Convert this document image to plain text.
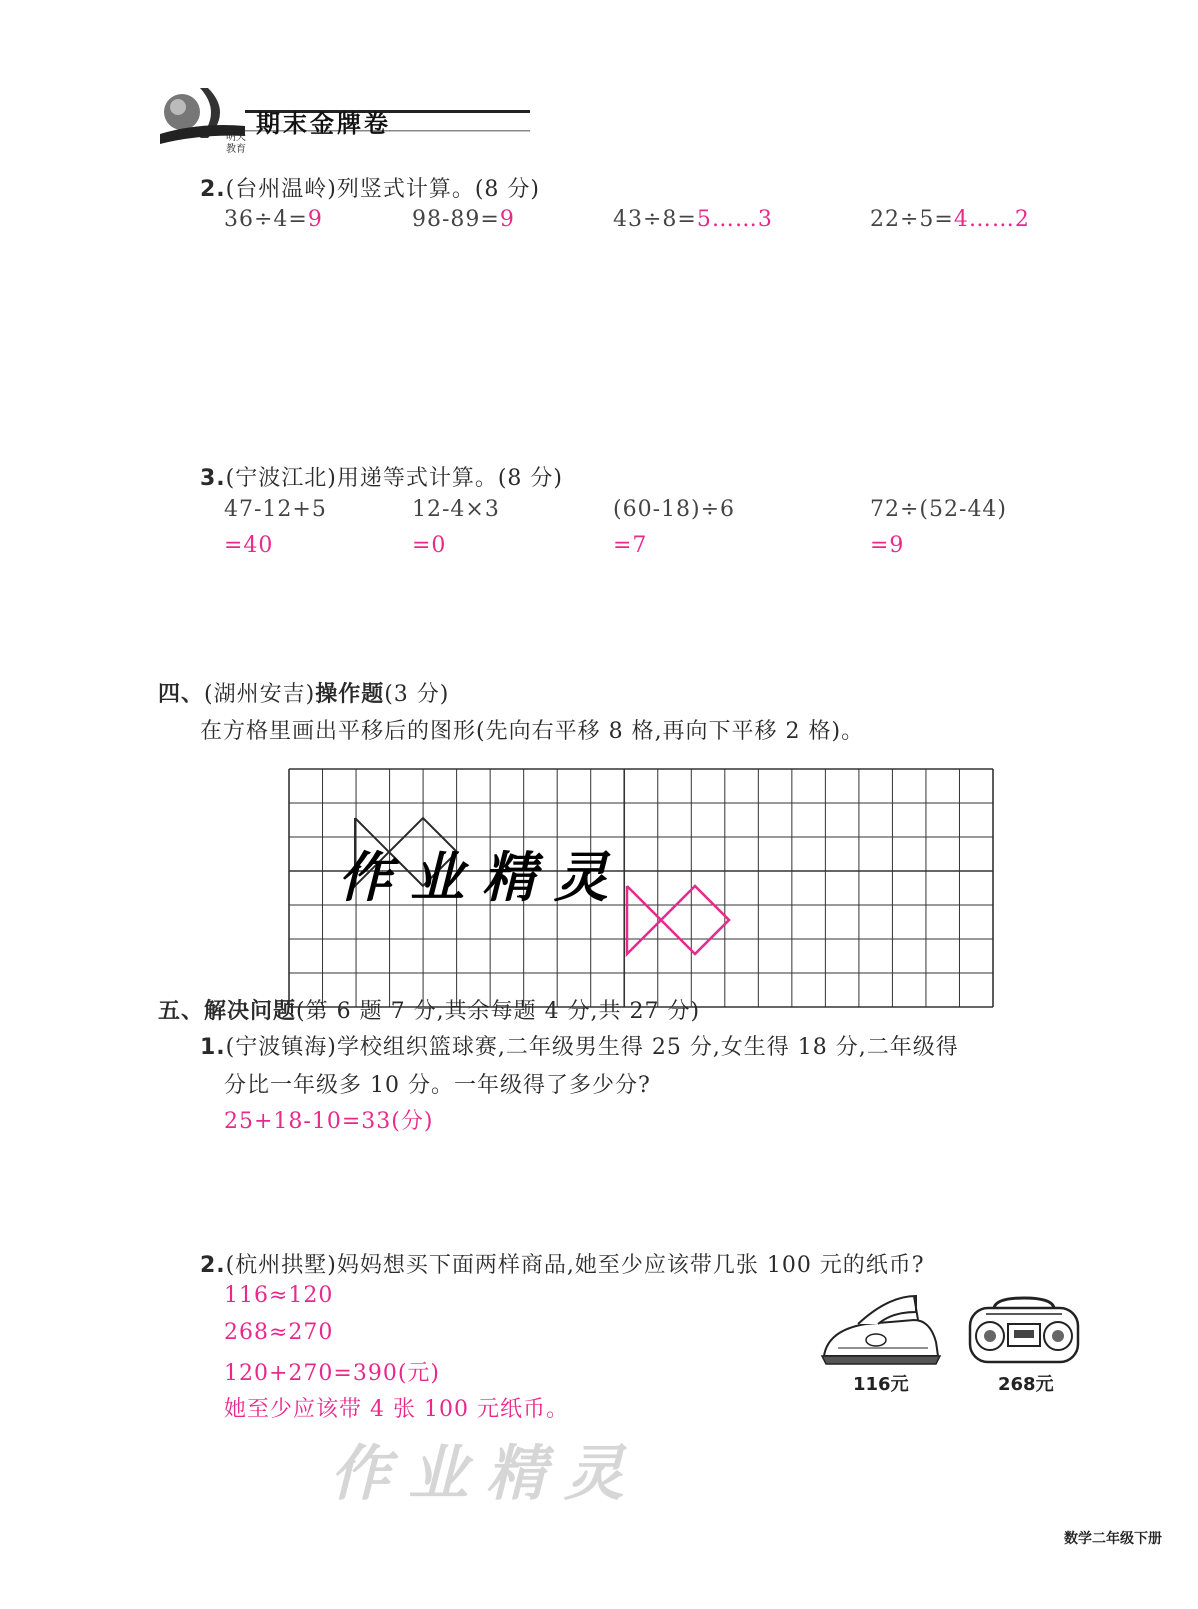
期末金牌卷
明天
教育
2.(台州温岭)列竖式计算。(8 分)
36÷4=9	98-89=9	43÷8=5……3	22÷5=4……2
3.(宁波江北)用递等式计算。(8 分)
47-12+5	12-4×3	(60-18)÷6	72÷(52-44)
=40	=0	=7	=9
四、(湖州安吉)操作题(3 分)
在方格里画出平移后的图形(先向右平移 8 格,再向下平移 2 格)。
作业精灵
五、解决问题(第 6 题 7 分,其余每题 4 分,共 27 分)
1.(宁波镇海)学校组织篮球赛,二年级男生得 25 分,女生得 18 分,二年级得
分比一年级多 10 分。一年级得了多少分?
25+18-10=33(分)
2.(杭州拱墅)妈妈想买下面两样商品,她至少应该带几张 100 元的纸币?
116≈120
268≈270
120+270=390(元)
她至少应该带 4 张 100 元纸币。
116元	268元
作业精灵
数学二年级下册
